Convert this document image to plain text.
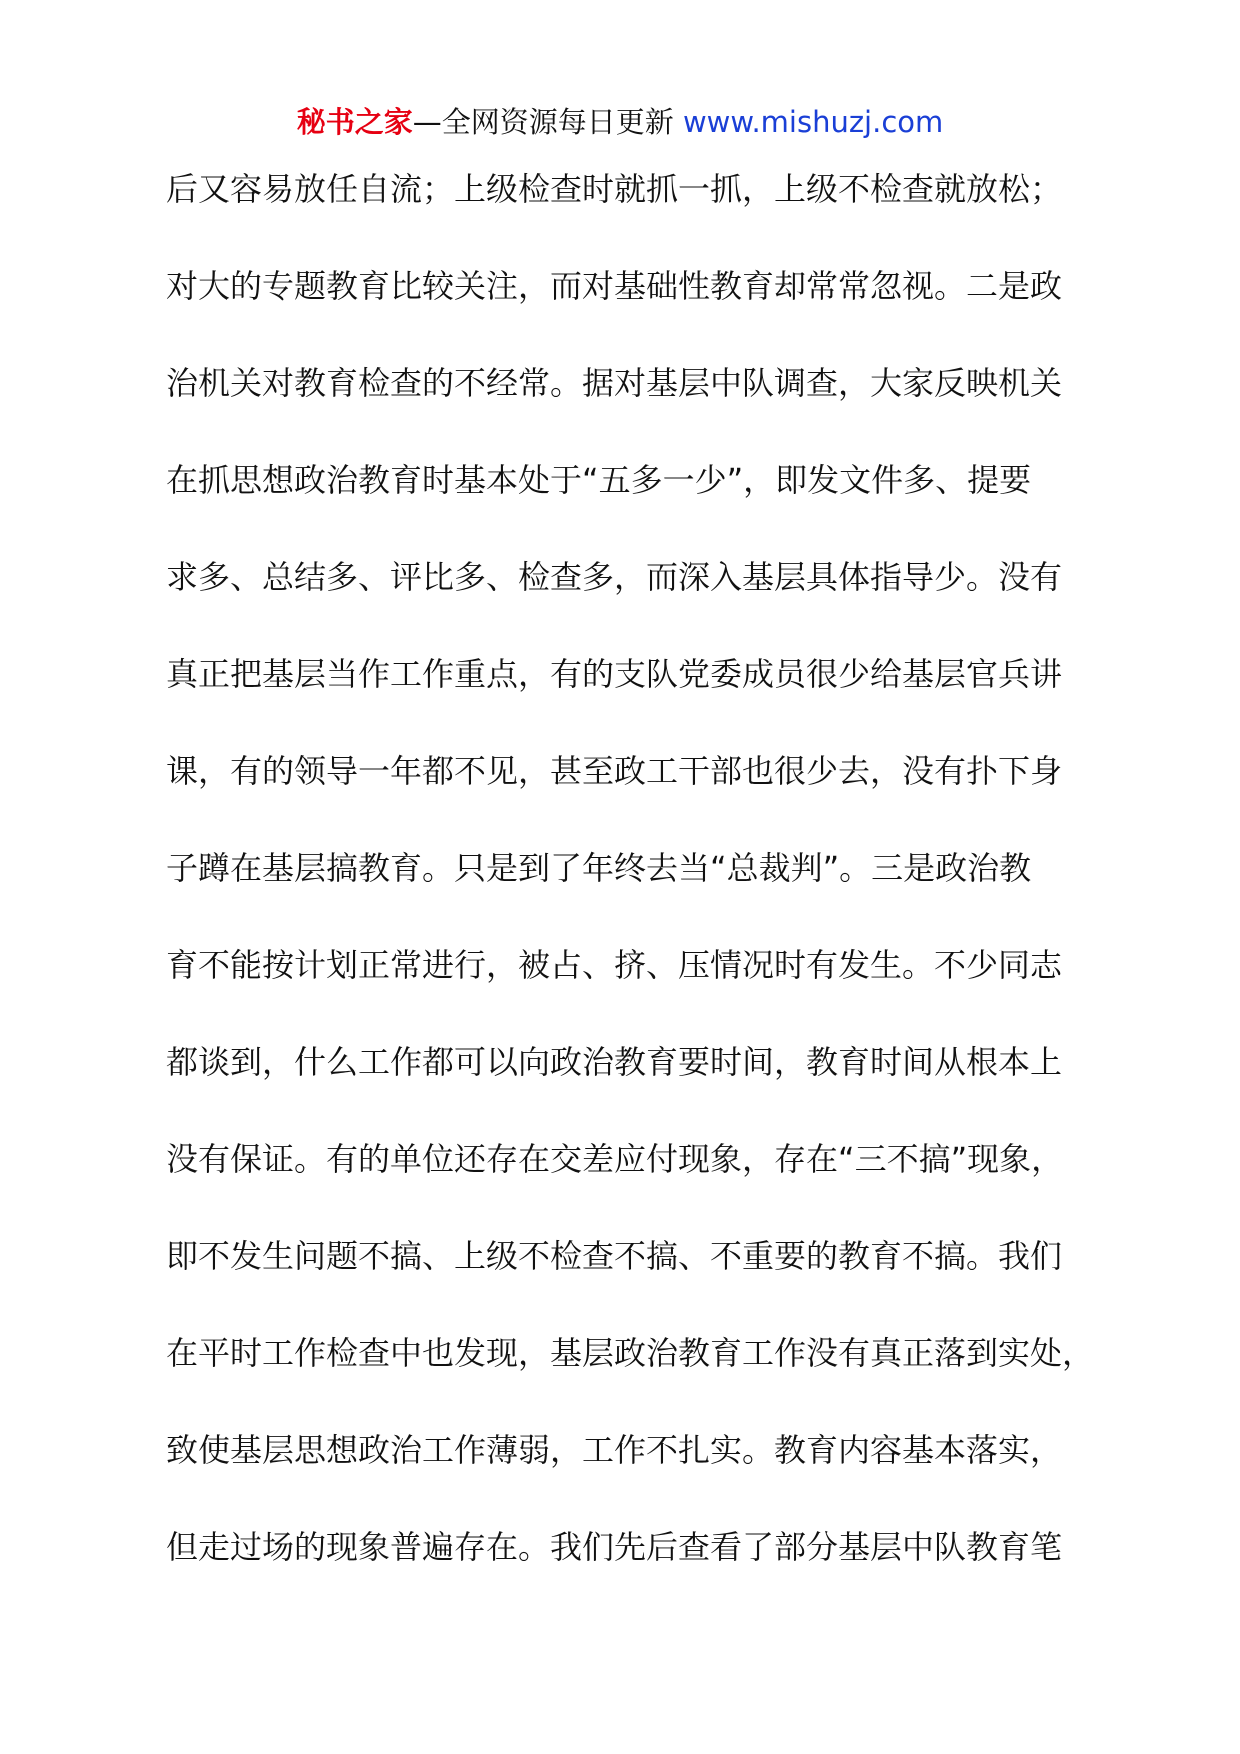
秘书之家—全网资源每日更新 www.mishuzj.com
后又容易放任自流；上级检查时就抓一抓，上级不检查就放松；
对大的专题教育比较关注，而对基础性教育却常常忽视。二是政
治机关对教育检查的不经常。据对基层中队调查，大家反映机关
在抓思想政治教育时基本处于“五多一少”，即发文件多、提要
求多、总结多、评比多、检查多，而深入基层具体指导少。没有
真正把基层当作工作重点，有的支队党委成员很少给基层官兵讲
课，有的领导一年都不见，甚至政工干部也很少去，没有扑下身
子蹲在基层搞教育。只是到了年终去当“总裁判”。三是政治教
育不能按计划正常进行，被占、挤、压情况时有发生。不少同志
都谈到，什么工作都可以向政治教育要时间，教育时间从根本上
没有保证。有的单位还存在交差应付现象，存在“三不搞”现象，
即不发生问题不搞、上级不检查不搞、不重要的教育不搞。我们
在平时工作检查中也发现，基层政治教育工作没有真正落到实处，
致使基层思想政治工作薄弱，工作不扎实。教育内容基本落实，
但走过场的现象普遍存在。我们先后查看了部分基层中队教育笔
